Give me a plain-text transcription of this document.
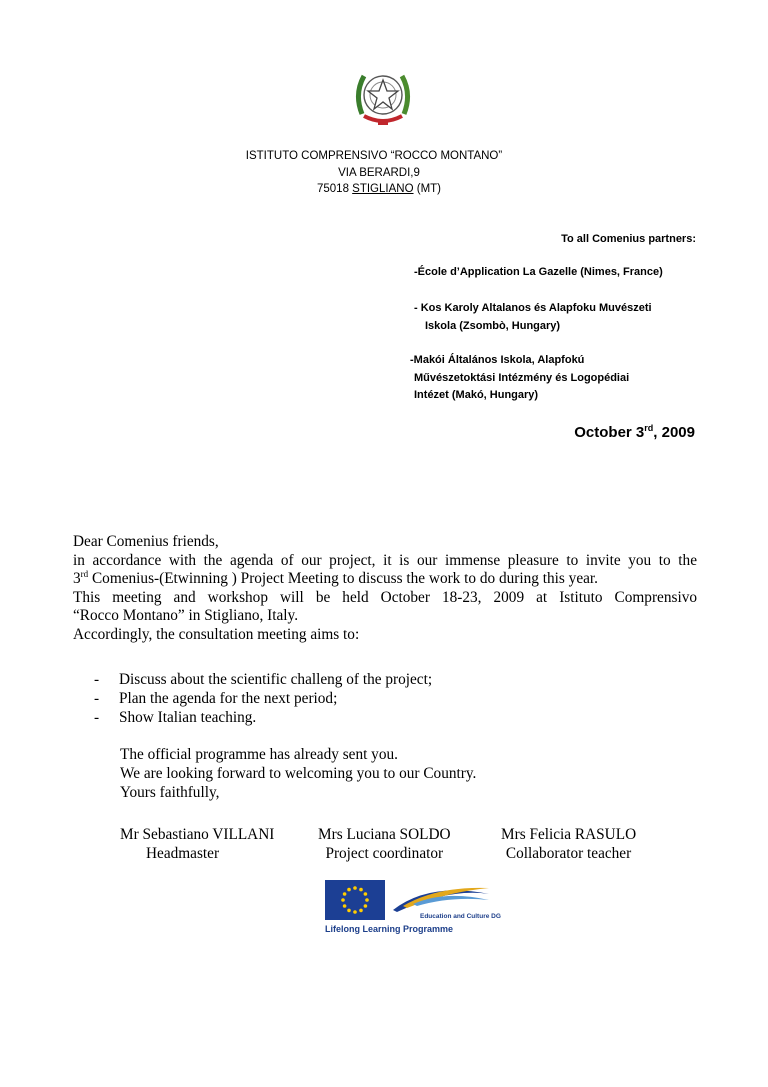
ISTITUTO COMPRENSIVO “ROCCO MONTANO”
VIA BERARDI,9
75018 STIGLIANO (MT)
To all Comenius partners:
-École d’Application La Gazelle (Nimes, France)
- Kos Karoly Altalanos és Alapfoku Muvészeti
Iskola (Zsombò, Hungary)
-Makói Általános Iskola, Alapfokú
Művészetoktási Intézmény és Logopédiai
Intézet (Makó, Hungary)
October 3rd, 2009

Dear Comenius friends,

in accordance with the agenda of our project, it is our immense pleasure to invite you to the

3rd Comenius-(Etwinning ) Project Meeting to discuss the work to do during this year.

This meeting and workshop will be held October 18-23, 2009 at Istituto Comprensivo

“Rocco Montano” in Stigliano, Italy.

Accordingly, the consultation meeting aims to:

-	Discuss about the scientific challeng of the project;
-	Plan the agenda for the next period;
-	Show Italian teaching.

The official programme has already sent you.

We are looking forward to welcoming you to our Country.

Yours faithfully,

Mr Sebastiano VILLANI
Headmaster
Mrs Luciana SOLDO
Project coordinator
Mrs Felicia RASULO
Collaborator teacher
Education and Culture DG
Lifelong Learning Programme
